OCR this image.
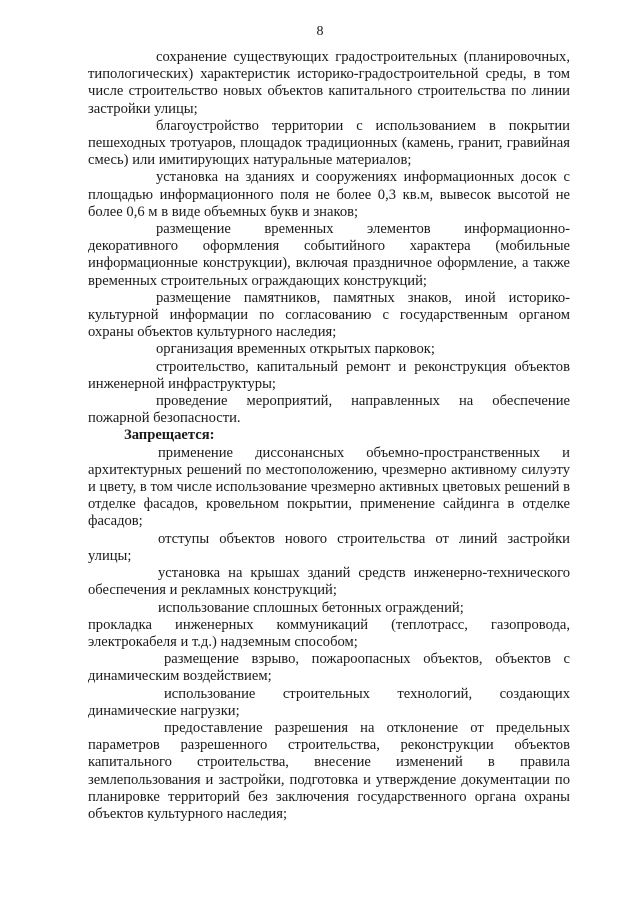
8

сохранение существующих градостроительных (планировочных, типологических) характеристик историко-градостроительной среды, в том числе строительство новых объектов капитального строительства по линии застройки улицы;

благоустройство территории с использованием в покрытии пешеходных тротуаров, площадок традиционных (камень, гранит, гравийная смесь) или имитирующих натуральные материалов;

установка на зданиях и сооружениях информационных досок с площадью информационного поля не более 0,3 кв.м, вывесок высотой не более 0,6 м в виде объемных букв и знаков;

размещение временных элементов информационно-декоративного оформления событийного характера (мобильные информационные конструкции), включая праздничное оформление, а также временных строительных ограждающих конструкций;

размещение памятников, памятных знаков, иной историко-культурной информации по согласованию с государственным органом охраны объектов культурного наследия;

организация временных открытых парковок;

строительство, капитальный ремонт и реконструкция объектов инженерной инфраструктуры;

проведение мероприятий, направленных на обеспечение пожарной безопасности.

Запрещается:

применение диссонансных объемно-пространственных и архитектурных решений по местоположению, чрезмерно активному силуэту и цвету, в том числе использование чрезмерно активных цветовых решений в отделке фасадов, кровельном покрытии, применение сайдинга в отделке фасадов;

отступы объектов нового строительства от линий застройки улицы;

установка на крышах зданий средств инженерно-технического обеспечения и рекламных конструкций;

использование сплошных бетонных ограждений;

прокладка инженерных коммуникаций (теплотрасс, газопровода, электрокабеля и т.д.) надземным способом;

размещение взрыво, пожароопасных объектов, объектов с динамическим воздействием;

использование строительных технологий, создающих динамические нагрузки;

предоставление разрешения на отклонение от предельных параметров разрешенного строительства, реконструкции объектов капитального строительства, внесение изменений в правила землепользования и застройки, подготовка и утверждение документации по планировке территорий без заключения государственного органа охраны объектов культурного наследия;
